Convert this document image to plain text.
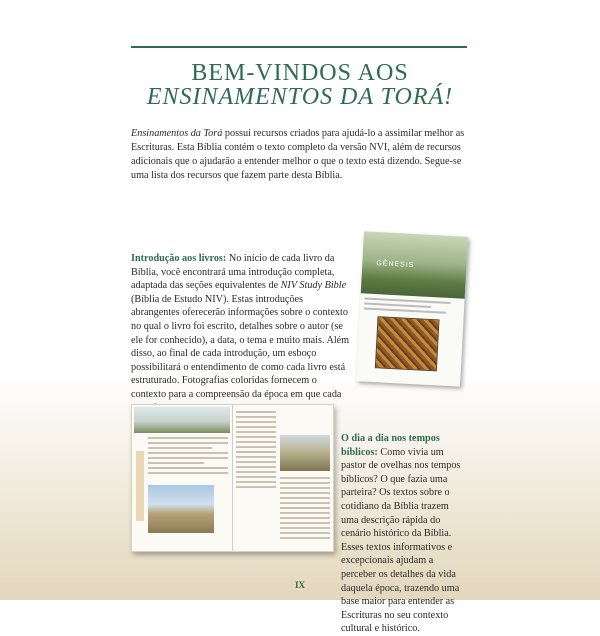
BEM-VINDOS AOS
ENSINAMENTOS DA TORÁ!
Ensinamentos da Torá possui recursos criados para ajudá-lo a assimilar melhor as Escrituras. Esta Bíblia contém o texto completo da versão NVI, além de recursos adicionais que o ajudarão a entender melhor o que o texto está dizendo. Segue-se uma lista dos recursos que fazem parte desta Bíblia.
Introdução aos livros: No início de cada livro da Bíblia, você encontrará uma introdução completa, adaptada das seções equivalentes de NIV Study Bible (Bíblia de Estudo NIV). Estas introduções abrangentes oferecerão informações sobre o contexto no qual o livro foi escrito, detalhes sobre o autor (se ele for conhecido), a data, o tema e muito mais. Além disso, ao final de cada introdução, um esboço possibilitará o entendimento de como cada livro está estruturado. Fotografias coloridas fornecem o contexto para a compreensão da época em que cada
GÊNESIS
O dia a dia nos tempos bíblicos: Como vivia um pastor de ovelhas nos tempos bíblicos? O que fazia uma parteira? Os textos sobre o cotidiano da Bíblia trazem uma descrição rápida do cenário histórico da Bíblia. Esses textos informativos e excepcionais ajudam a perceber os detalhes da vida daquela época, trazendo uma base maior para entender as Escrituras no seu contexto cultural e histórico.
IX
